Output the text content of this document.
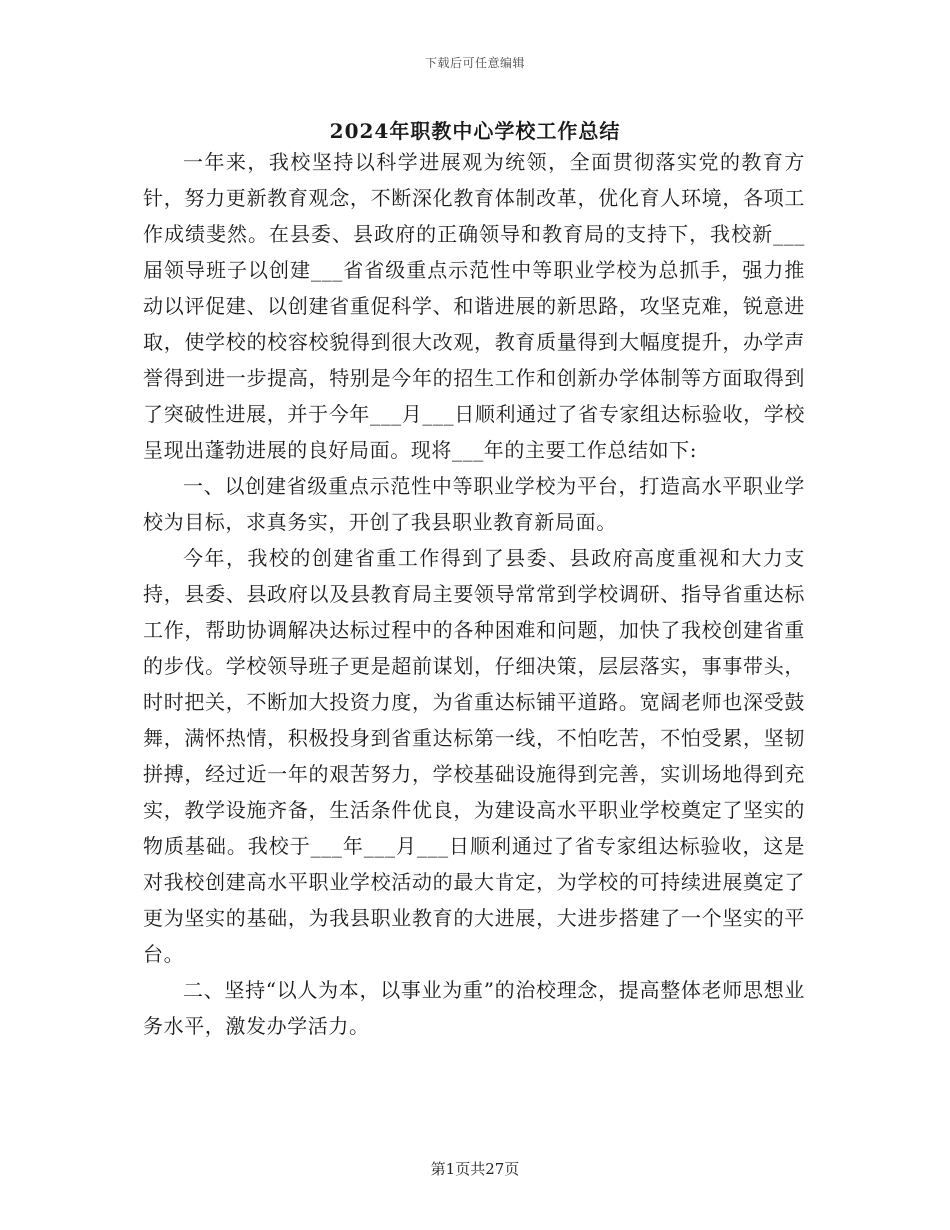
下载后可任意编辑
2024年职教中心学校工作总结

一年来，我校坚持以科学进展观为统领，全面贯彻落实党的教育方针，努力更新教育观念，不断深化教育体制改革，优化育人环境，各项工作成绩斐然。在县委、县政府的正确领导和教育局的支持下，我校新___届领导班子以创建___省省级重点示范性中等职业学校为总抓手，强力推动以评促建、以创建省重促科学、和谐进展的新思路，攻坚克难，锐意进取，使学校的校容校貌得到很大改观，教育质量得到大幅度提升，办学声誉得到进一步提高，特别是今年的招生工作和创新办学体制等方面取得到了突破性进展，并于今年___月___日顺利通过了省专家组达标验收，学校呈现出蓬勃进展的良好局面。现将___年的主要工作总结如下:

一、以创建省级重点示范性中等职业学校为平台，打造高水平职业学校为目标，求真务实，开创了我县职业教育新局面。

今年，我校的创建省重工作得到了县委、县政府高度重视和大力支持，县委、县政府以及县教育局主要领导常常到学校调研、指导省重达标工作，帮助协调解决达标过程中的各种困难和问题，加快了我校创建省重的步伐。学校领导班子更是超前谋划，仔细决策，层层落实，事事带头，时时把关，不断加大投资力度，为省重达标铺平道路。宽阔老师也深受鼓舞，满怀热情，积极投身到省重达标第一线，不怕吃苦，不怕受累，坚韧拼搏，经过近一年的艰苦努力，学校基础设施得到完善，实训场地得到充实，教学设施齐备，生活条件优良，为建设高水平职业学校奠定了坚实的物质基础。我校于___年___月___日顺利通过了省专家组达标验收，这是对我校创建高水平职业学校活动的最大肯定，为学校的可持续进展奠定了更为坚实的基础，为我县职业教育的大进展，大进步搭建了一个坚实的平台。

二、坚持“以人为本，以事业为重”的治校理念，提高整体老师思想业务水平，激发办学活力。

第1页共27页
